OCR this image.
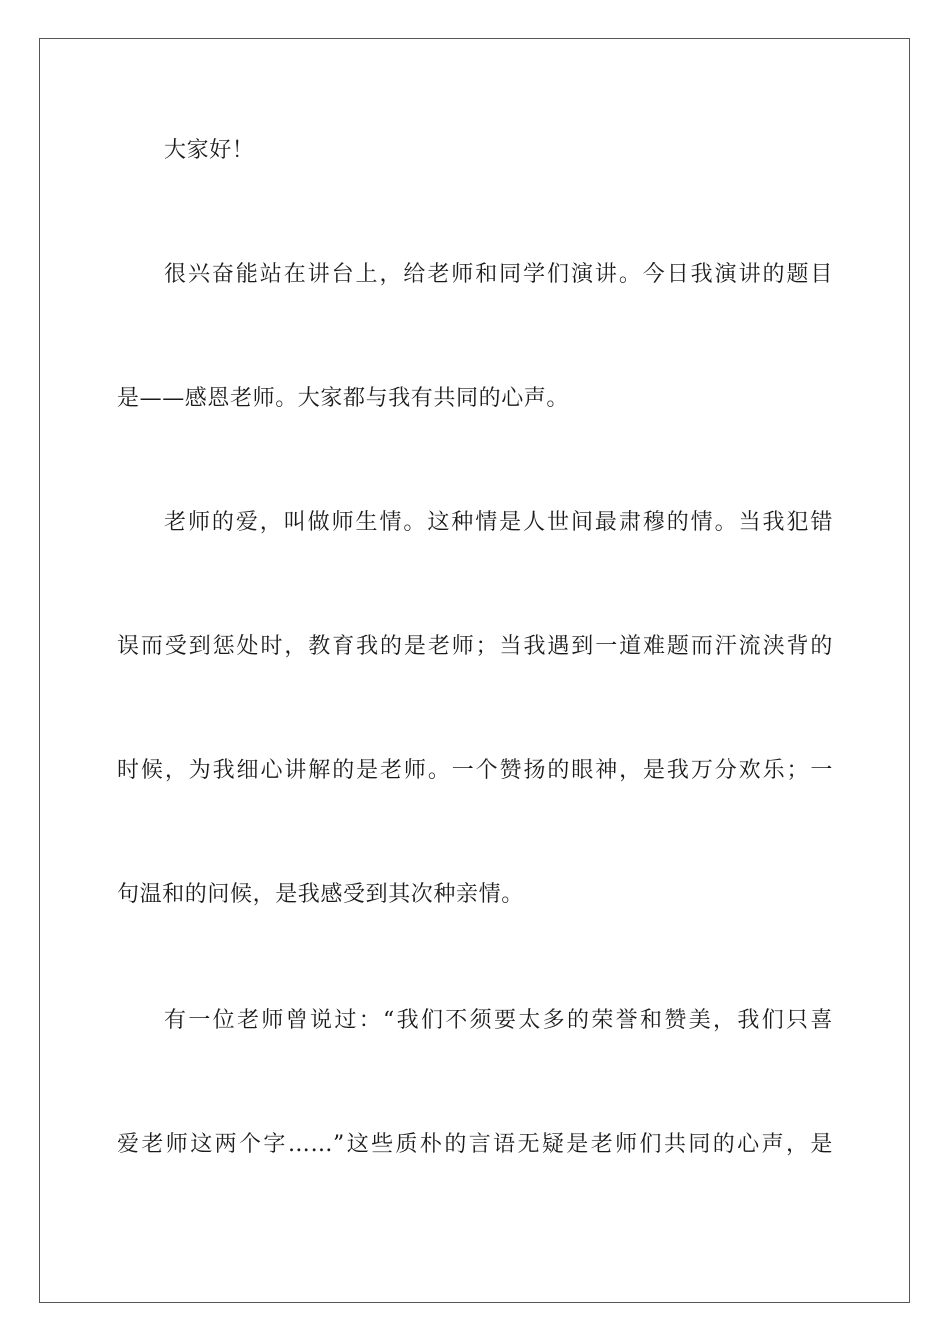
大家好！
很兴奋能站在讲台上，给老师和同学们演讲。今日我演讲的题目
是——感恩老师。大家都与我有共同的心声。
老师的爱，叫做师生情。这种情是人世间最肃穆的情。当我犯错
误而受到惩处时，教育我的是老师；当我遇到一道难题而汗流浃背的
时候，为我细心讲解的是老师。一个赞扬的眼神，是我万分欢乐；一
句温和的问候，是我感受到其次种亲情。
有一位老师曾说过：“我们不须要太多的荣誉和赞美，我们只喜
爱老师这两个字……”这些质朴的言语无疑是老师们共同的心声，是
